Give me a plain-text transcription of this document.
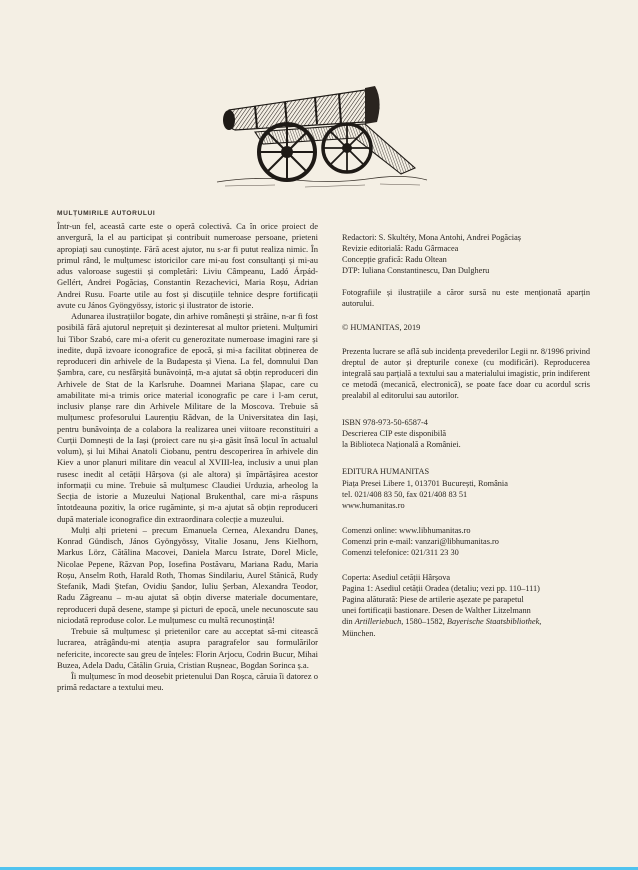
MULȚUMIRILE AUTORULUI

Într-un fel, această carte este o operă colectivă. Ca în orice proiect de anvergură, la el au participat și contribuit numeroase persoane, prieteni apropiați sau cunoștințe. Fără acest ajutor, nu s-ar fi putut realiza nimic. În primul rând, le mulțumesc istoricilor care mi-au fost consultanți și mi-au adus valoroase sugestii și completări: Liviu Câmpeanu, Ladó Árpád-Gellért, Andrei Pogăciaș, Constantin Rezachevici, Maria Roșu, Adrian Andrei Rusu. Foarte utile au fost și discuțiile tehnice despre fortificații avute cu János Gyöngyössy, istoric și ilustrator de istorie.

Adunarea ilustrațiilor bogate, din arhive românești și străine, n-ar fi fost posibilă fără ajutorul neprețuit și dezinteresat al multor prieteni. Mulțumiri lui Tibor Szabó, care mi-a oferit cu generozitate numeroase imagini rare și inedite, după izvoare iconografice de epocă, și mi-a facilitat obținerea de reproduceri din arhivele de la Budapesta și Viena. La fel, domnului Dan Șambra, care, cu nesfârșită bunăvoință, m-a ajutat să obțin reproduceri din Arhivele de Stat de la Karlsruhe. Doamnei Mariana Șlapac, care cu amabilitate mi-a trimis orice material iconografic pe care i l-am cerut, inclusiv planșe rare din Arhivele Militare de la Moscova. Trebuie să mulțumesc profesorului Laurențiu Rădvan, de la Universitatea din Iași, pentru bunăvoința de a colabora la realizarea unei viitoare reconstituiri a Curții Domnești de la Iași (proiect care nu și-a găsit însă locul în actualul volum), și lui Mihai Anatoli Ciobanu, pentru descoperirea în arhivele din Kiev a unor planuri militare din veacul al XVIII-lea, inclusiv a unui plan rusesc inedit al cetății Hârșova (și ale altora) și împărtășirea acestor informații cu mine. Trebuie să mulțumesc Claudiei Urduzia, arheolog la Secția de istorie a Muzeului Național Brukenthal, care mi-a răspuns întotdeauna pozitiv, la orice rugăminte, și m-a ajutat să obțin reproduceri după materiale iconografice din extraordinara colecție a muzeului.

Mulți alți prieteni – precum Emanuela Cernea, Alexandru Daneș, Konrad Gündisch, János Gyöngyössy, Vitalie Josanu, Jens Kielhorn, Markus Lörz, Cătălina Macovei, Daniela Marcu Istrate, Dorel Micle, Nicolae Pepene, Răzvan Pop, Iosefina Postăvaru, Mariana Radu, Maria Roșu, Anselm Roth, Harald Roth, Thomas Sindilariu, Aurel Stănică, Rudy Stefanik, Madi Ștefan, Ovidiu Șandor, Iuliu Șerban, Alexandra Teodor, Radu Zăgreanu – m-au ajutat să obțin diverse materiale documentare, reproduceri după desene, stampe și picturi de epocă, unele necunoscute sau niciodată reproduse color. Le mulțumesc cu multă recunoștință!

Trebuie să mulțumesc și prietenilor care au acceptat să-mi citească lucrarea, atrăgându-mi atenția asupra paragrafelor sau formulărilor nefericite, incorecte sau greu de înțeles: Florin Arjocu, Codrin Bucur, Mihai Buzea, Adela Dadu, Cătălin Gruia, Cristian Rușneac, Bogdan Sorinca ș.a.

Îi mulțumesc în mod deosebit prietenului Dan Roșca, căruia îi datorez o primă redactare a textului meu.

Redactori: S. Skultéty, Mona Antohi, Andrei Pogăciaș
Revizie editorială: Radu Gârmacea
Concepție grafică: Radu Oltean
DTP: Iuliana Constantinescu, Dan Dulgheru
Fotografiile și ilustrațiile a căror sursă nu este menționată aparțin autorului.
© HUMANITAS, 2019
Prezenta lucrare se află sub incidența prevederilor Legii nr. 8/1996 privind dreptul de autor și drepturile conexe (cu modificări). Reproducerea integrală sau parțială a textului sau a materialului imagistic, prin indiferent ce metodă (mecanică, electronică), se poate face doar cu acordul scris prealabil al editorului sau autorilor.
ISBN 978-973-50-6587-4
Descrierea CIP este disponibilă
la Biblioteca Națională a României.
EDITURA HUMANITAS
Piața Presei Libere 1, 013701 București, România
tel. 021/408 83 50, fax 021/408 83 51
www.humanitas.ro
Comenzi online: www.libhumanitas.ro
Comenzi prin e-mail: vanzari@libhumanitas.ro
Comenzi telefonice: 021/311 23 30
Coperta: Asediul cetății Hârșova
Pagina 1: Asediul cetății Oradea (detaliu; vezi pp. 110–111)
Pagina alăturată: Piese de artilerie așezate pe parapetul
unei fortificații bastionare. Desen de Walther Litzelmann
din Artilleriebuch, 1580–1582, Bayerische Staatsbibliothek,
München.
